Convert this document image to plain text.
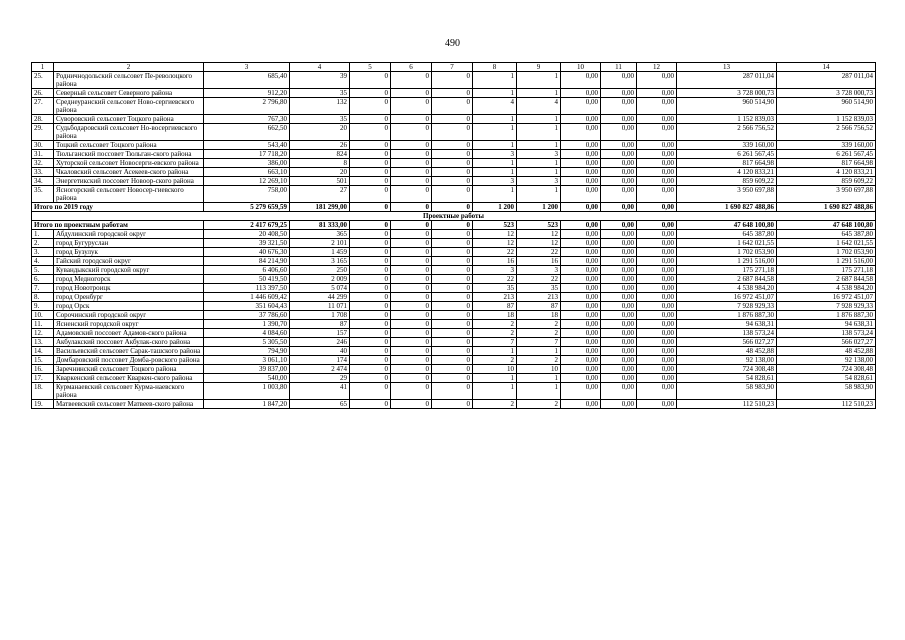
490
1	2	3	4	5	6	7	8	9	10	11	12	13	14
25.	Родничнодольский сельсовет Пе-револоцкого района	685,40	39	0	0	0	1	1	0,00	0,00	0,00	287 011,04	287 011,04
26.	Северный сельсовет Северного района	912,20	35	0	0	0	1	1	0,00	0,00	0,00	3 728 000,73	3 728 000,73
27.	Среднеуранский сельсовет Ново-сергиевского района	2 796,80	132	0	0	0	4	4	0,00	0,00	0,00	960 514,90	960 514,90
28.	Суворовский сельсовет Тоцкого района	767,30	35	0	0	0	1	1	0,00	0,00	0,00	1 152 839,03	1 152 839,03
29.	Судьбодаровский сельсовет Но-восергиевского района	662,50	20	0	0	0	1	1	0,00	0,00	0,00	2 566 756,52	2 566 756,52
30.	Тоцкий сельсовет Тоцкого района	543,40	26	0	0	0	1	1	0,00	0,00	0,00	339 160,00	339 160,00
31.	Тюльганский поссовет Тюльган-ского района	17 718,20	824	0	0	0	3	3	0,00	0,00	0,00	6 261 567,45	6 261 567,45
32.	Хуторской сельсовет Новосерги-евского района	386,00	8	0	0	0	1	1	0,00	0,00	0,00	817 664,98	817 664,98
33.	Чкаловский сельсовет Асекеев-ского района	663,10	20	0	0	0	1	1	0,00	0,00	0,00	4 120 833,21	4 120 833,21
34.	Энергетикский поссовет Новоор-ского района	12 269,10	501	0	0	0	3	3	0,00	0,00	0,00	859 609,22	859 609,22
35.	Ясногорский сельсовет Новосер-гиевского района	758,00	27	0	0	0	1	1	0,00	0,00	0,00	3 950 697,88	3 950 697,88
Итого по 2019 году		5 279 659,59	181 299,00	0	0	0	1 200	1 200	0,00	0,00	0,00	1 690 827 488,86	1 690 827 488,86
Проектные работы													
Итого по проектным работам		2 417 679,25	81 333,00	0	0	0	523	523	0,00	0,00	0,00	47 648 100,80	47 648 100,80
1.	Абдулинский городской округ	20 408,50	365	0	0	0	12	12	0,00	0,00	0,00	645 387,80	645 387,80
2.	город Бугуруслан	39 321,50	2 101	0	0	0	12	12	0,00	0,00	0,00	1 642 021,55	1 642 021,55
3.	город Бузулук	40 676,30	1 459	0	0	0	22	22	0,00	0,00	0,00	1 702 053,90	1 702 053,90
4.	Гайский городской округ	84 214,90	3 165	0	0	0	16	16	0,00	0,00	0,00	1 291 516,00	1 291 516,00
5.	Кувандыкский городской округ	6 406,60	250	0	0	0	3	3	0,00	0,00	0,00	175 271,18	175 271,18
6.	город Медногорск	50 419,50	2 009	0	0	0	22	22	0,00	0,00	0,00	2 687 844,58	2 687 844,58
7.	город Новотроицк	113 397,50	5 074	0	0	0	35	35	0,00	0,00	0,00	4 538 984,20	4 538 984,20
8.	город Оренбург	1 446 609,42	44 299	0	0	0	213	213	0,00	0,00	0,00	16 972 451,07	16 972 451,07
9.	город Орск	351 604,43	11 071	0	0	0	87	87	0,00	0,00	0,00	7 928 929,33	7 928 929,33
10.	Сорочинский городской округ	37 786,60	1 708	0	0	0	18	18	0,00	0,00	0,00	1 876 887,30	1 876 887,30
11.	Ясненский городской округ	1 390,70	87	0	0	0	2	2	0,00	0,00	0,00	94 638,31	94 638,31
12.	Адамовский поссовет Адамов-ского района	4 084,60	157	0	0	0	2	2	0,00	0,00	0,00	138 573,24	138 573,24
13.	Акбулакский поссовет Акбулак-ского района	5 305,50	246	0	0	0	7	7	0,00	0,00	0,00	566 027,27	566 027,27
14.	Васильевский сельсовет Сарак-ташского района	794,90	40	0	0	0	1	1	0,00	0,00	0,00	48 452,88	48 452,88
15.	Домбаровский поссовет Домба-ровского района	3 061,10	174	0	0	0	2	2	0,00	0,00	0,00	92 138,00	92 138,00
16.	Заречнинский сельсовет Тоцкого района	39 837,00	2 474	0	0	0	10	10	0,00	0,00	0,00	724 308,48	724 308,48
17.	Кваркенский сельсовет Кваркен-ского района	540,00	29	0	0	0	1	1	0,00	0,00	0,00	54 828,61	54 828,61
18.	Курманаевский сельсовет Курма-наевского района	1 003,80	41	0	0	0	1	1	0,00	0,00	0,00	58 983,90	58 983,90
19.	Матвеевский сельсовет Матвеев-ского района	1 847,20	65	0	0	0	2	2	0,00	0,00	0,00	112 510,23	112 510,23
